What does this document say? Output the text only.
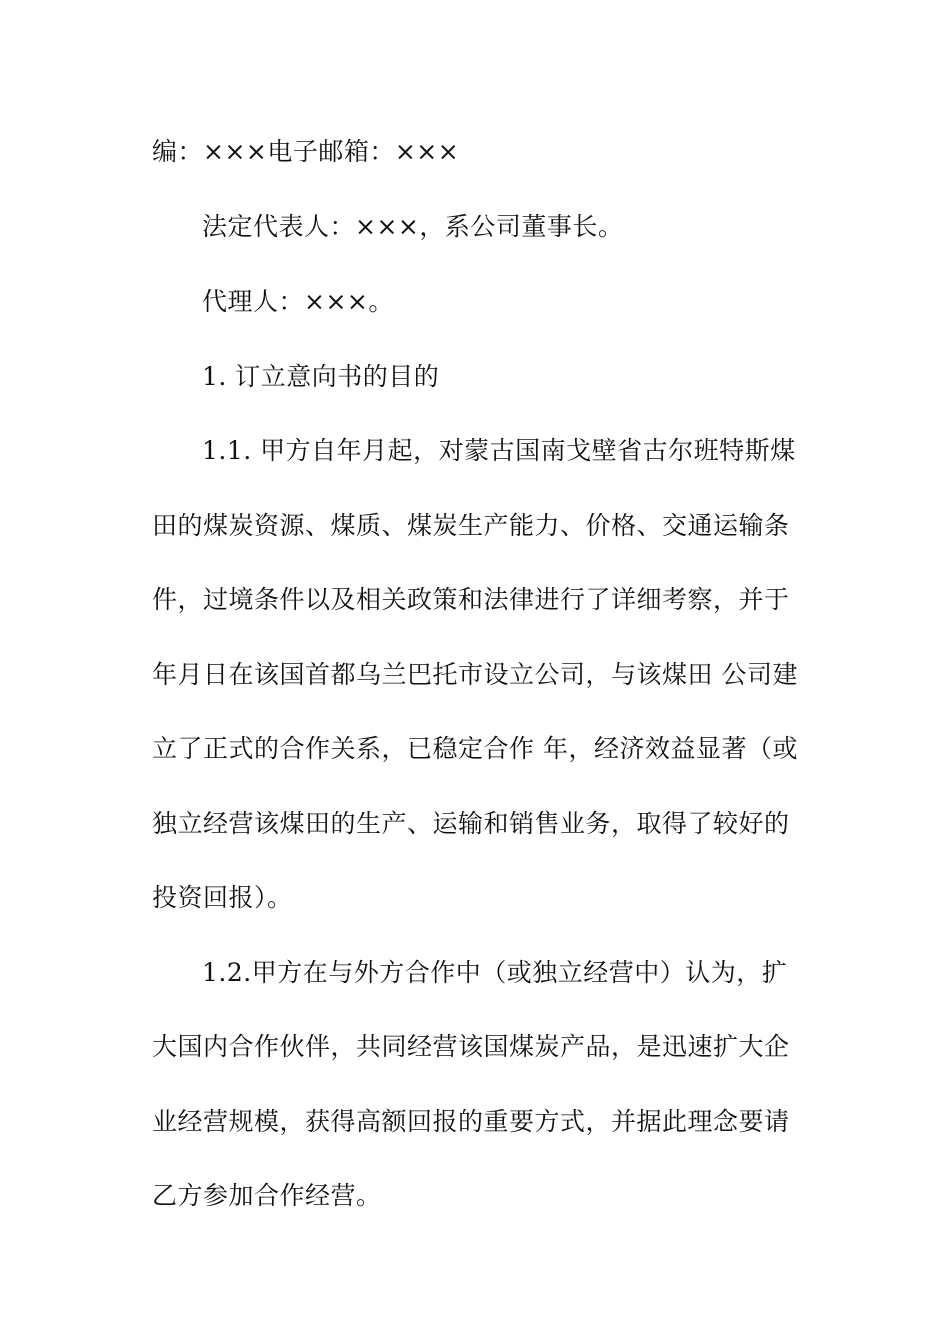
编：×××电子邮箱：×××
法定代表人：×××，系公司董事长。
代理人：×××。
1. 订立意向书的目的
1.1. 甲方自年月起，对蒙古国南戈壁省古尔班特斯煤
田的煤炭资源、煤质、煤炭生产能力、价格、交通运输条
件，过境条件以及相关政策和法律进行了详细考察，并于
年月日在该国首都乌兰巴托市设立公司，与该煤田 公司建
立了正式的合作关系，已稳定合作 年，经济效益显著（或
独立经营该煤田的生产、运输和销售业务，取得了较好的
投资回报）。
1.2.甲方在与外方合作中（或独立经营中）认为，扩
大国内合作伙伴，共同经营该国煤炭产品，是迅速扩大企
业经营规模，获得高额回报的重要方式，并据此理念要请
乙方参加合作经营。
